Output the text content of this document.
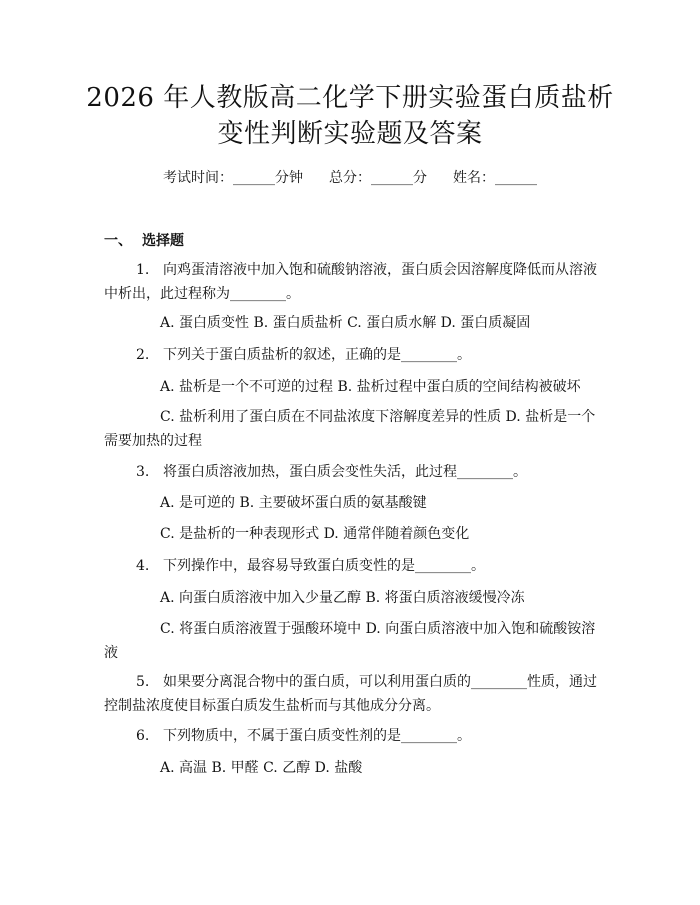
2026 年人教版高二化学下册实验蛋白质盐析
变性判断实验题及答案
考试时间：______分钟 总分：______分 姓名：______
一、 选择题
1. 向鸡蛋清溶液中加入饱和硫酸钠溶液，蛋白质会因溶解度降低而从溶液中析出，此过程称为________。
A. 蛋白质变性 B. 蛋白质盐析 C. 蛋白质水解 D. 蛋白质凝固
2. 下列关于蛋白质盐析的叙述，正确的是________。
A. 盐析是一个不可逆的过程 B. 盐析过程中蛋白质的空间结构被破坏
C. 盐析利用了蛋白质在不同盐浓度下溶解度差异的性质 D. 盐析是一个需要加热的过程
3. 将蛋白质溶液加热，蛋白质会变性失活，此过程________。
A. 是可逆的 B. 主要破坏蛋白质的氨基酸键
C. 是盐析的一种表现形式 D. 通常伴随着颜色变化
4. 下列操作中，最容易导致蛋白质变性的是________。
A. 向蛋白质溶液中加入少量乙醇 B. 将蛋白质溶液缓慢冷冻
C. 将蛋白质溶液置于强酸环境中 D. 向蛋白质溶液中加入饱和硫酸铵溶液
5. 如果要分离混合物中的蛋白质，可以利用蛋白质的________性质，通过控制盐浓度使目标蛋白质发生盐析而与其他成分分离。
6. 下列物质中，不属于蛋白质变性剂的是________。
A. 高温 B. 甲醛 C. 乙醇 D. 盐酸
